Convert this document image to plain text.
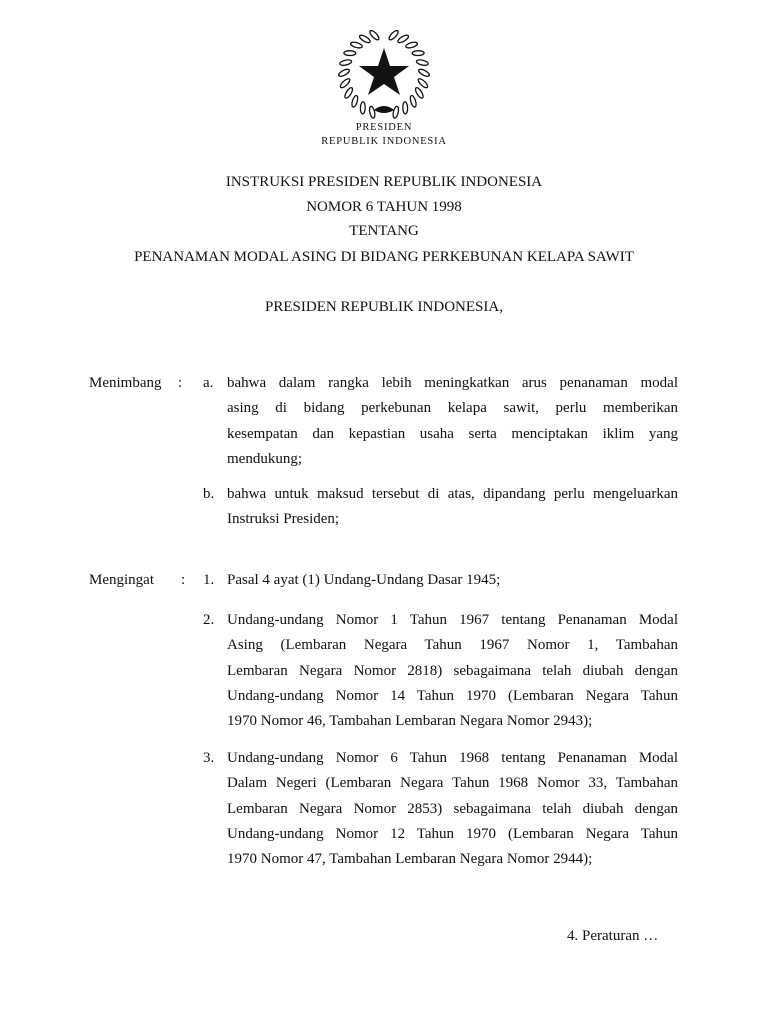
PRESIDEN
REPUBLIK INDONESIA
INSTRUKSI PRESIDEN REPUBLIK INDONESIA
NOMOR 6 TAHUN 1998
TENTANG
PENANAMAN MODAL ASING DI BIDANG PERKEBUNAN KELAPA SAWIT
PRESIDEN REPUBLIK INDONESIA,
Menimbang : a. bahwa dalam rangka lebih meningkatkan arus penanaman modal
asing di bidang perkebunan kelapa sawit, perlu memberikan
kesempatan dan kepastian usaha serta menciptakan iklim yang
mendukung;
b. bahwa untuk maksud tersebut di atas, dipandang perlu mengeluarkan
Instruksi Presiden;
Mengingat : 1. Pasal 4 ayat (1) Undang-Undang Dasar 1945;
2. Undang-undang Nomor 1 Tahun 1967 tentang Penanaman Modal
Asing (Lembaran Negara Tahun 1967 Nomor 1, Tambahan
Lembaran Negara Nomor 2818) sebagaimana telah diubah dengan
Undang-undang Nomor 14 Tahun 1970 (Lembaran Negara Tahun
1970 Nomor 46, Tambahan Lembaran Negara Nomor 2943);
3. Undang-undang Nomor 6 Tahun 1968 tentang Penanaman Modal
Dalam Negeri (Lembaran Negara Tahun 1968 Nomor 33, Tambahan
Lembaran Negara Nomor 2853) sebagaimana telah diubah dengan
Undang-undang Nomor 12 Tahun 1970 (Lembaran Negara Tahun
1970 Nomor 47, Tambahan Lembaran Negara Nomor 2944);
4. Peraturan …
